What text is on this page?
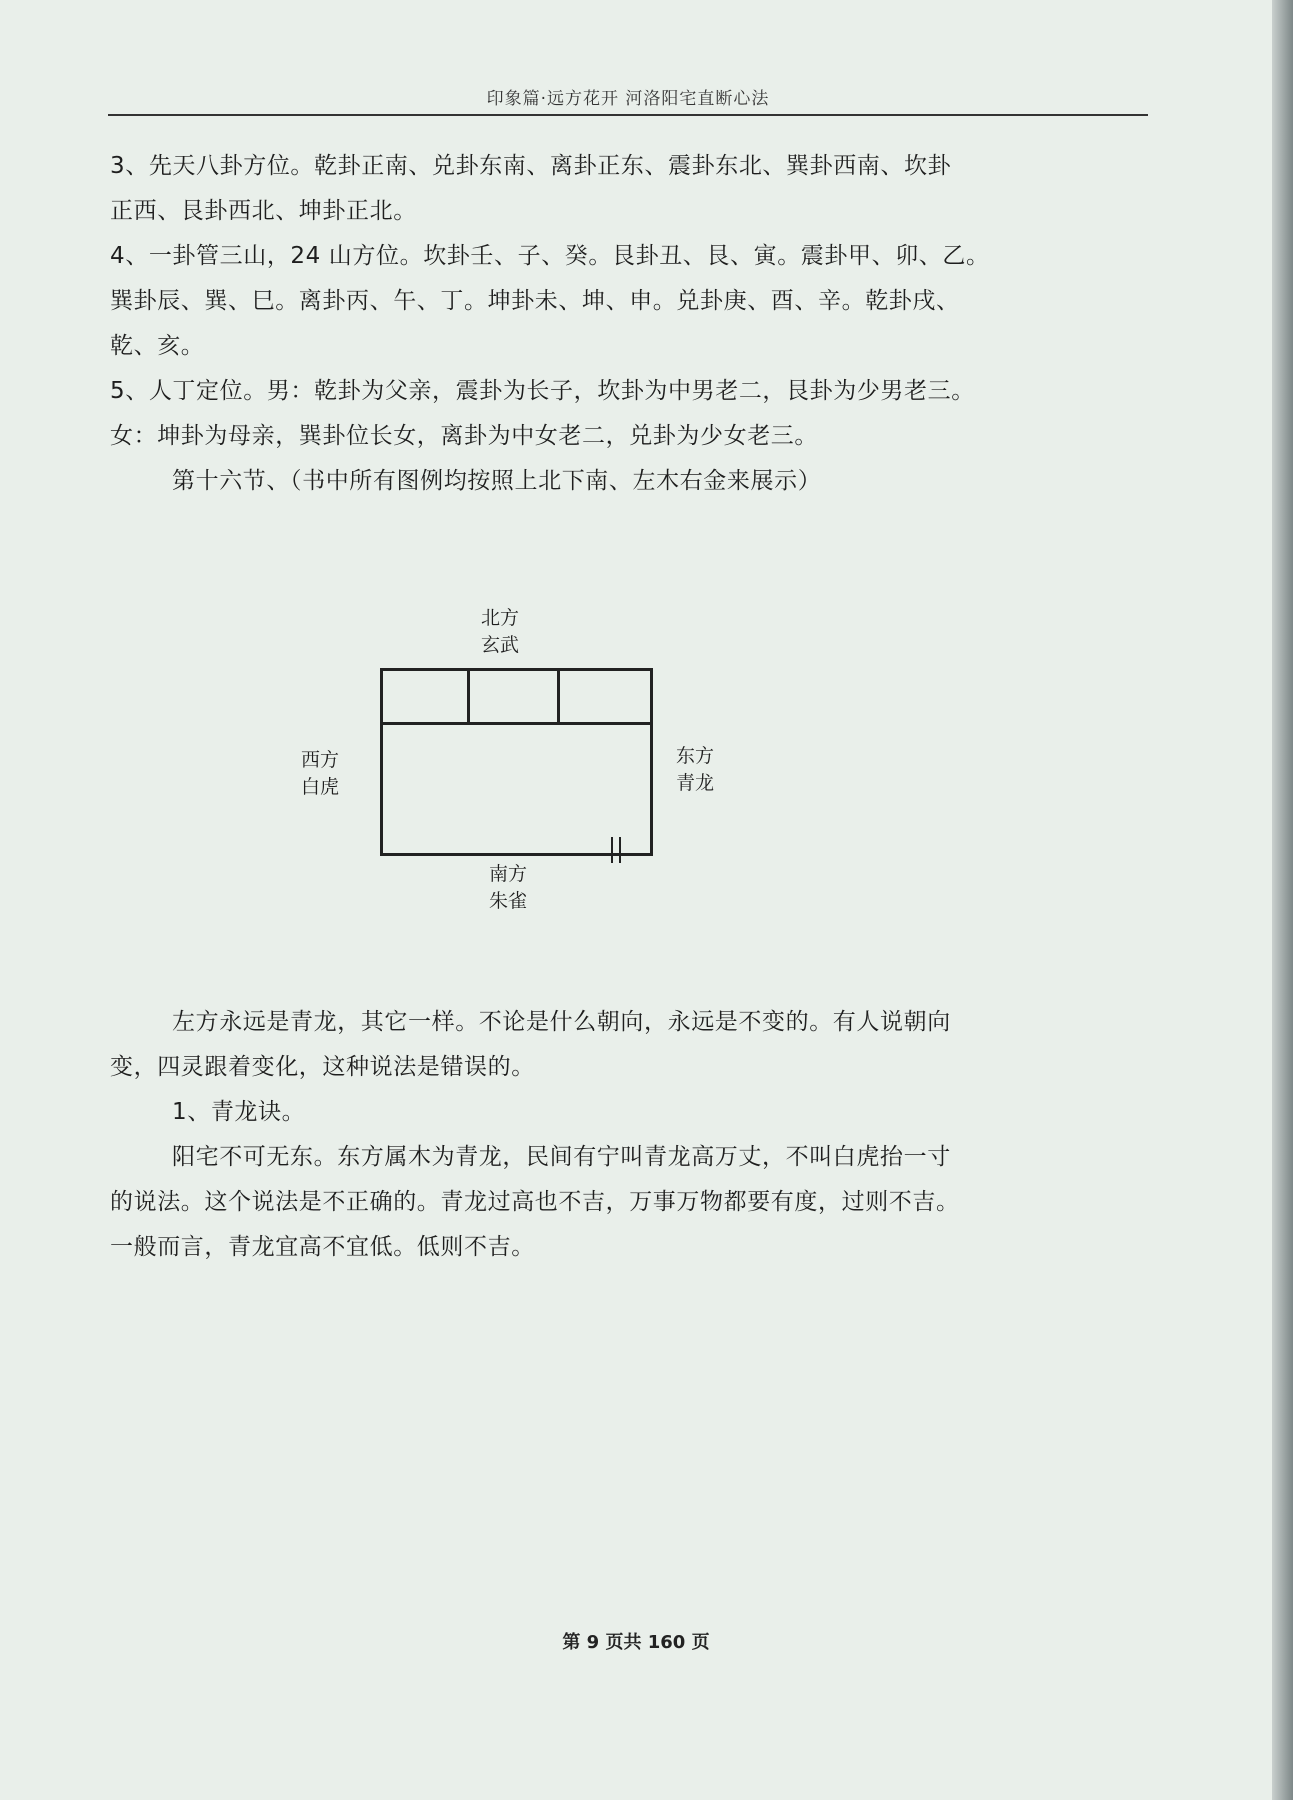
印象篇·远方花开 河洛阳宅直断心法

3、先天八卦方位。乾卦正南、兑卦东南、离卦正东、震卦东北、巽卦西南、坎卦

正西、艮卦西北、坤卦正北。

4、一卦管三山，24 山方位。坎卦壬、子、癸。艮卦丑、艮、寅。震卦甲、卯、乙。

巽卦辰、巽、巳。离卦丙、午、丁。坤卦未、坤、申。兑卦庚、酉、辛。乾卦戌、

乾、亥。

5、人丁定位。男：乾卦为父亲，震卦为长子，坎卦为中男老二，艮卦为少男老三。

女：坤卦为母亲，巽卦位长女，离卦为中女老二，兑卦为少女老三。

第十六节、（书中所有图例均按照上北下南、左木右金来展示）

北方
玄武
西方
白虎
东方
青龙
南方
朱雀

左方永远是青龙，其它一样。不论是什么朝向，永远是不变的。有人说朝向

变，四灵跟着变化，这种说法是错误的。

1、青龙诀。

阳宅不可无东。东方属木为青龙，民间有宁叫青龙高万丈，不叫白虎抬一寸

的说法。这个说法是不正确的。青龙过高也不吉，万事万物都要有度，过则不吉。

一般而言，青龙宜高不宜低。低则不吉。

第 9 页共 160 页
